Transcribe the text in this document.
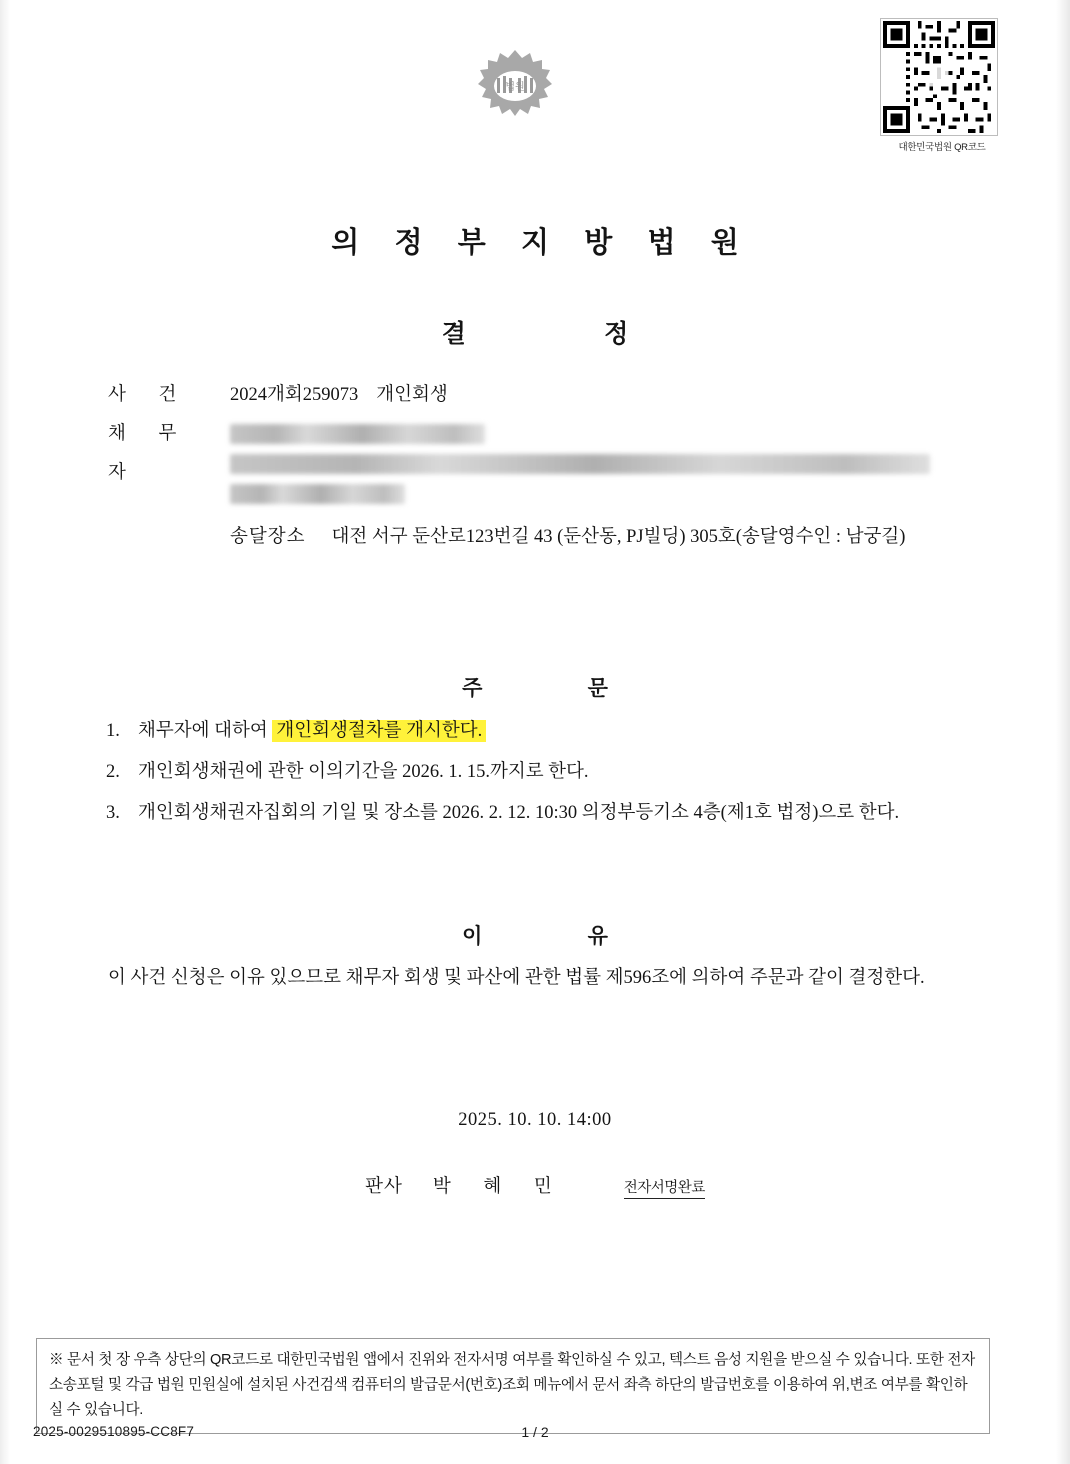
법원
대한민국법원 QR코드
의 정 부 지 방 법 원
결 정
사 건	2024개회259073 개인회생
채 무 자
송달장소 대전 서구 둔산로123번길 43 (둔산동, PJ빌딩) 305호(송달영수인 : 남궁길)
주 문
1. 채무자에 대하여 개인회생절차를 개시한다.
2. 개인회생채권에 관한 이의기간을 2026. 1. 15.까지로 한다.
3. 개인회생채권자집회의 기일 및 장소를 2026. 2. 12. 10:30 의정부등기소 4층(제1호 법정)으로 한다.
이 유
이 사건 신청은 이유 있으므로 채무자 회생 및 파산에 관한 법률 제596조에 의하여 주문과 같이 결정한다.
2025. 10. 10. 14:00
판사 박 혜 민	전자서명완료
※ 문서 첫 장 우측 상단의 QR코드로 대한민국법원 앱에서 진위와 전자서명 여부를 확인하실 수 있고, 텍스트 음성 지원을 받으실 수 있습니다. 또한 전자소송포털 및 각급 법원 민원실에 설치된 사건검색 컴퓨터의 발급문서(번호)조회 메뉴에서 문서 좌측 하단의 발급번호를 이용하여 위,변조 여부를 확인하실 수 있습니다.
2025-0029510895-CC8F7	1 / 2
